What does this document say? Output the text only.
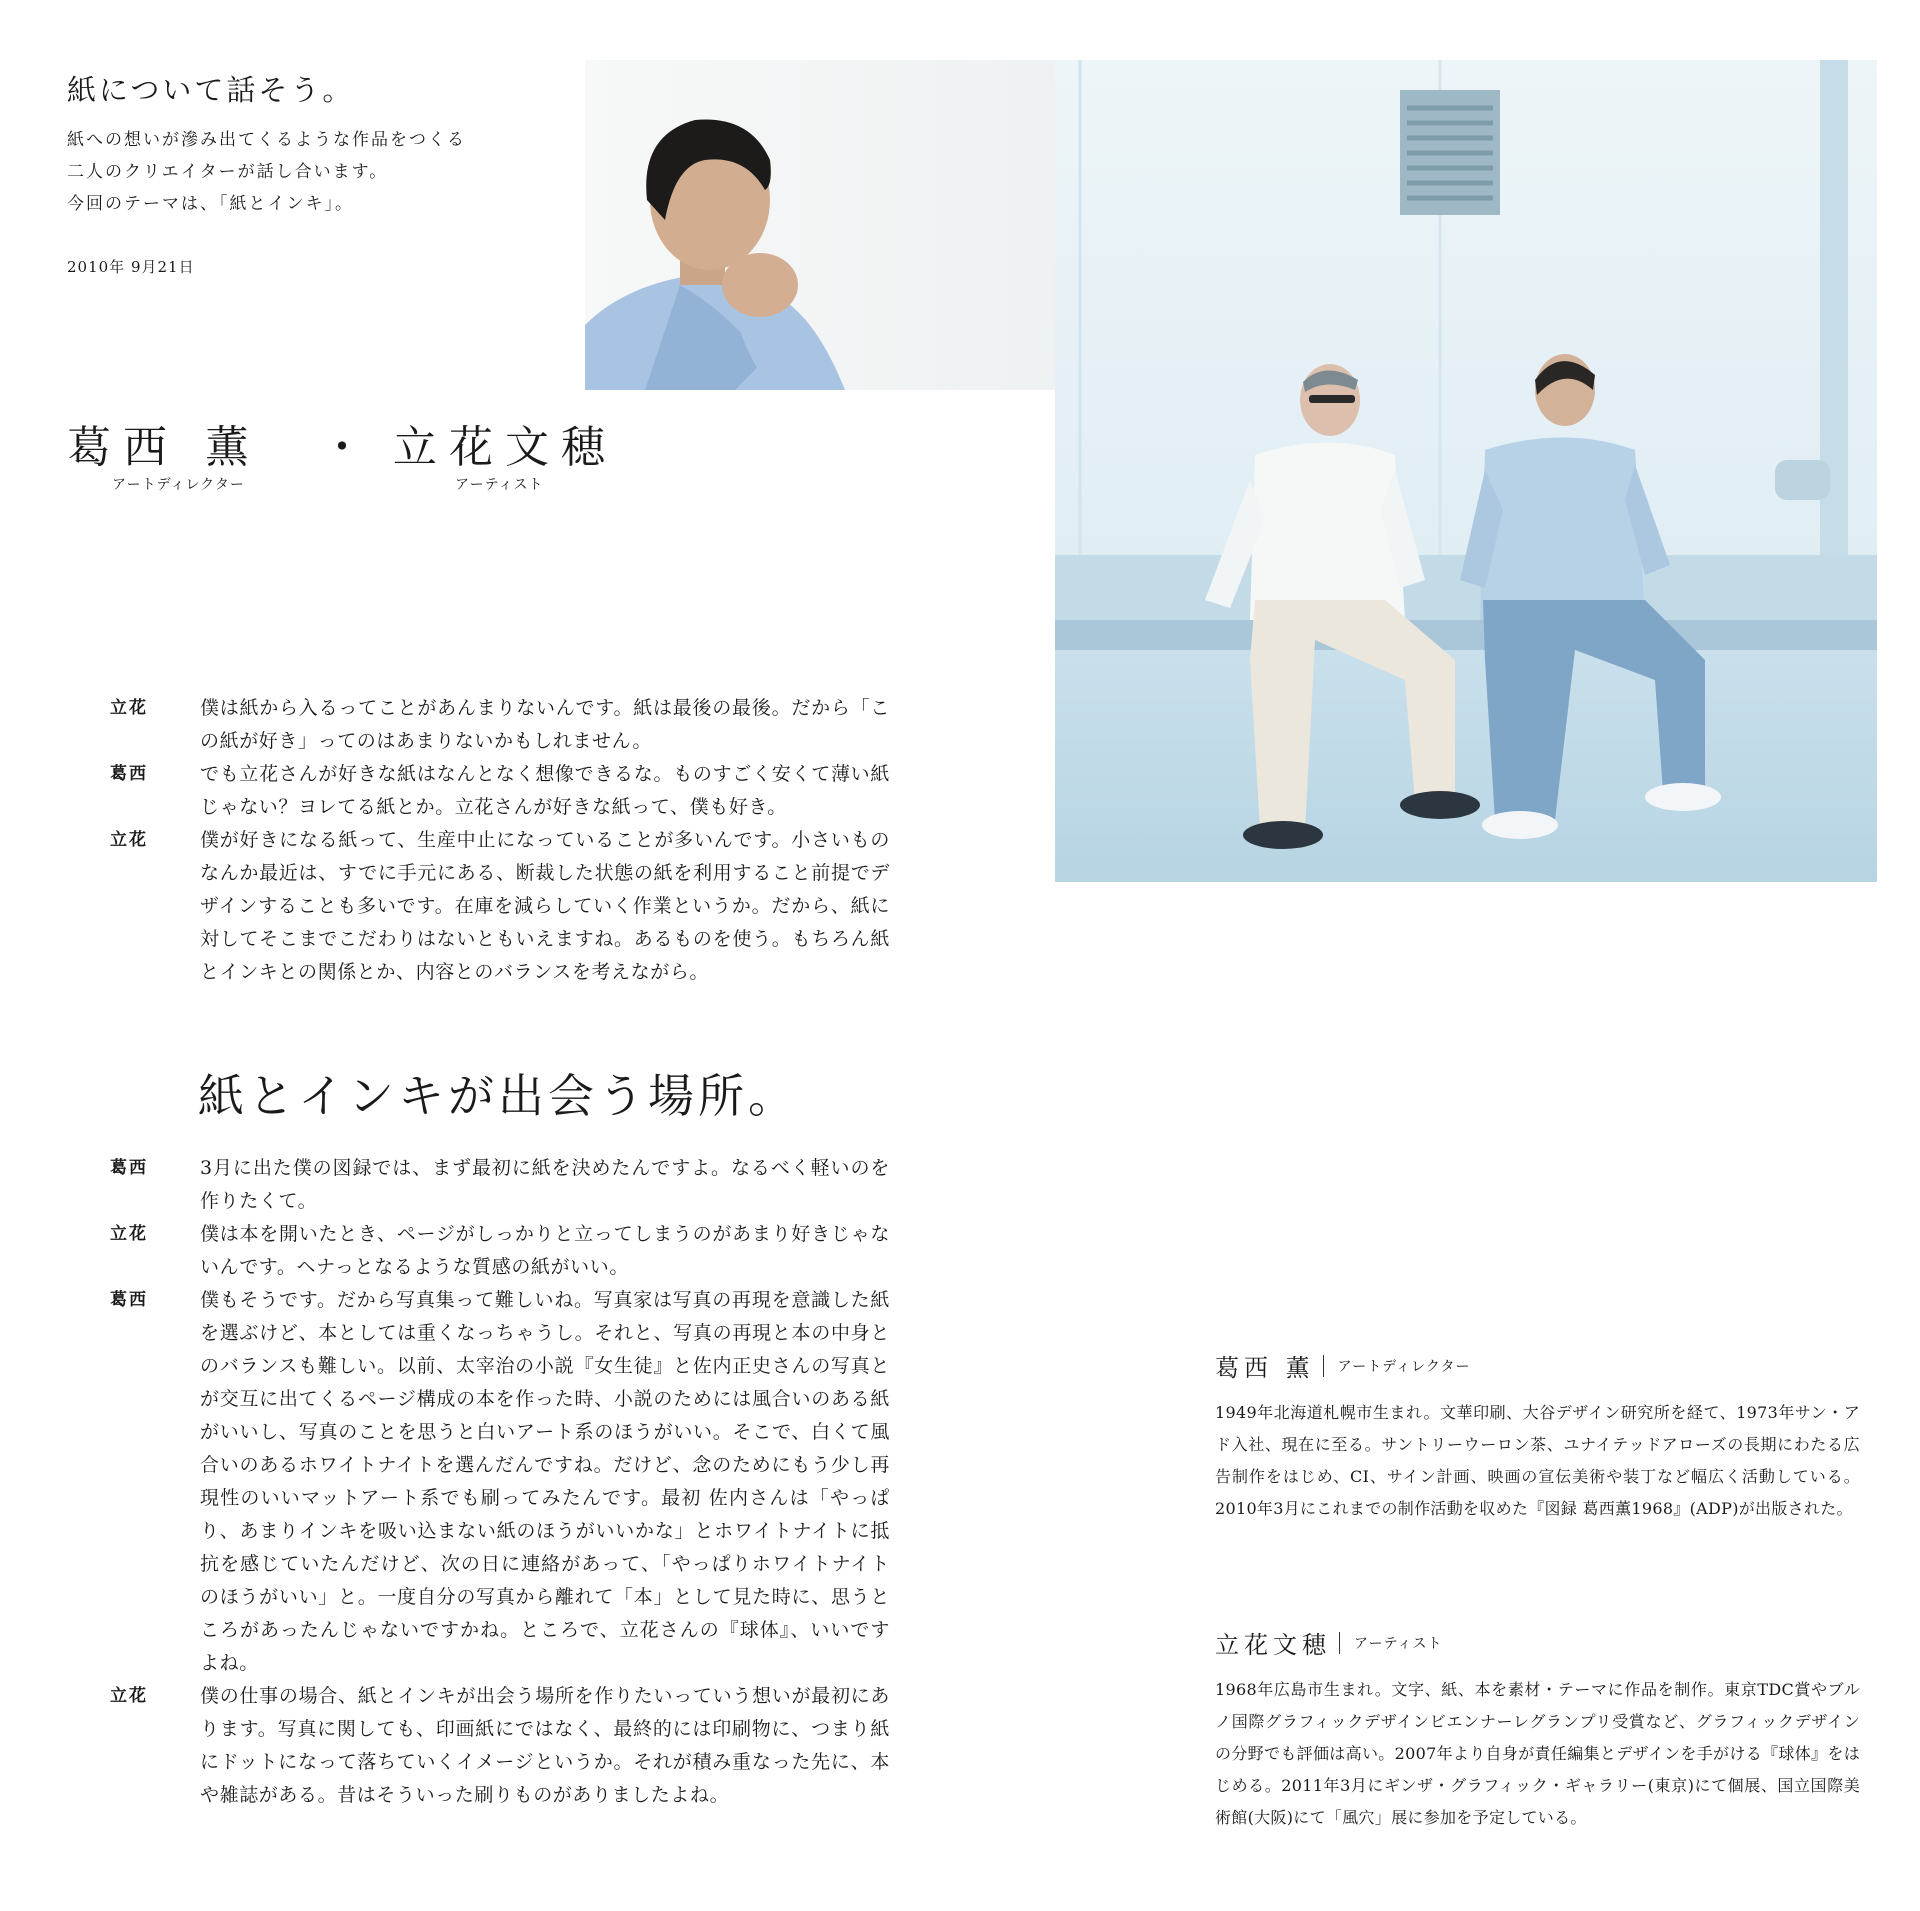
紙について話そう。
紙への想いが滲み出てくるような作品をつくる
二人のクリエイターが話し合います。
今回のテーマは、「紙とインキ」。
2010年 9月21日
葛西 薫
アートディレクター
・ 立花文穂
アーティスト
立花	僕は紙から入るってことがあんまりないんです。紙は最後の最後。だから「この紙が好き」ってのはあまりないかもしれません。
葛西	でも立花さんが好きな紙はなんとなく想像できるな。ものすごく安くて薄い紙じゃない？ヨレてる紙とか。立花さんが好きな紙って、僕も好き。
立花	僕が好きになる紙って、生産中止になっていることが多いんです。小さいものなんか最近は、すでに手元にある、断裁した状態の紙を利用すること前提でデザインすることも多いです。在庫を減らしていく作業というか。だから、紙に対してそこまでこだわりはないともいえますね。あるものを使う。もちろん紙とインキとの関係とか、内容とのバランスを考えながら。
紙とインキが出会う場所。
葛西	3月に出た僕の図録では、まず最初に紙を決めたんですよ。なるべく軽いのを作りたくて。
立花	僕は本を開いたとき、ページがしっかりと立ってしまうのがあまり好きじゃないんです。ヘナっとなるような質感の紙がいい。
葛西	僕もそうです。だから写真集って難しいね。写真家は写真の再現を意識した紙を選ぶけど、本としては重くなっちゃうし。それと、写真の再現と本の中身とのバランスも難しい。以前、太宰治の小説『女生徒』と佐内正史さんの写真とが交互に出てくるページ構成の本を作った時、小説のためには風合いのある紙がいいし、写真のことを思うと白いアート系のほうがいい。そこで、白くて風合いのあるホワイトナイトを選んだんですね。だけど、念のためにもう少し再現性のいいマットアート系でも刷ってみたんです。最初 佐内さんは「やっぱり、あまりインキを吸い込まない紙のほうがいいかな」とホワイトナイトに抵抗を感じていたんだけど、次の日に連絡があって、「やっぱりホワイトナイトのほうがいい」と。一度自分の写真から離れて「本」として見た時に、思うところがあったんじゃないですかね。ところで、立花さんの『球体』、いいですよね。
立花	僕の仕事の場合、紙とインキが出会う場所を作りたいっていう想いが最初にあります。写真に関しても、印画紙にではなく、最終的には印刷物に、つまり紙にドットになって落ちていくイメージというか。それが積み重なった先に、本や雑誌がある。昔はそういった刷りものがありましたよね。
葛西 薫 アートディレクター
1949年北海道札幌市生まれ。文華印刷、大谷デザイン研究所を経て、1973年サン・アド入社、現在に至る。サントリーウーロン茶、ユナイテッドアローズの長期にわたる広告制作をはじめ、CI、サイン計画、映画の宣伝美術や装丁など幅広く活動している。2010年3月にこれまでの制作活動を収めた『図録 葛西薫1968』(ADP)が出版された。
立花文穂 アーティスト
1968年広島市生まれ。文字、紙、本を素材・テーマに作品を制作。東京TDC賞やブルノ国際グラフィックデザインビエンナーレグランプリ受賞など、グラフィックデザインの分野でも評価は高い。2007年より自身が責任編集とデザインを手がける『球体』をはじめる。2011年3月にギンザ・グラフィック・ギャラリー(東京)にて個展、国立国際美術館(大阪)にて「風穴」展に参加を予定している。
